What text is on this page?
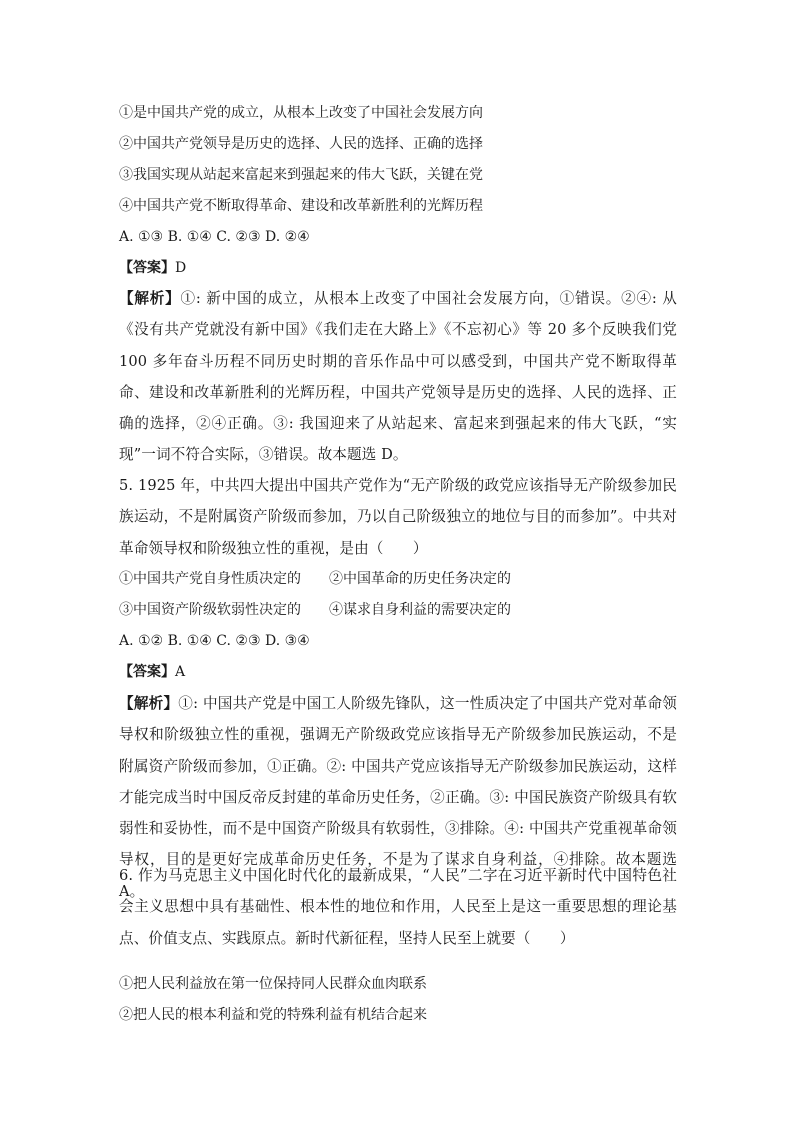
①是中国共产党的成立，从根本上改变了中国社会发展方向
②中国共产党领导是历史的选择、人民的选择、正确的选择
③我国实现从站起来富起来到强起来的伟大飞跃，关键在党
④中国共产党不断取得革命、建设和改革新胜利的光辉历程
A. ①③ B. ①④ C. ②③ D. ②④
【答案】D
【解析】①: 新中国的成立，从根本上改变了中国社会发展方向，①错误。②④: 从《没有共产党就没有新中国》《我们走在大路上》《不忘初心》等 20 多个反映我们党 100 多年奋斗历程不同历史时期的音乐作品中可以感受到，中国共产党不断取得革命、建设和改革新胜利的光辉历程，中国共产党领导是历史的选择、人民的选择、正确的选择，②④正确。③: 我国迎来了从站起来、富起来到强起来的伟大飞跃，“实现”一词不符合实际，③错误。故本题选 D。
5. 1925 年，中共四大提出中国共产党作为“无产阶级的政党应该指导无产阶级参加民族运动，不是附属资产阶级而参加，乃以自己阶级独立的地位与目的而参加”。中共对革命领导权和阶级独立性的重视，是由（　　）
①中国共产党自身性质决定的 ②中国革命的历史任务决定的
③中国资产阶级软弱性决定的 ④谋求自身利益的需要决定的
A. ①② B. ①④ C. ②③ D. ③④
【答案】A
【解析】①: 中国共产党是中国工人阶级先锋队，这一性质决定了中国共产党对革命领导权和阶级独立性的重视，强调无产阶级政党应该指导无产阶级参加民族运动，不是附属资产阶级而参加，①正确。②: 中国共产党应该指导无产阶级参加民族运动，这样才能完成当时中国反帝反封建的革命历史任务，②正确。③: 中国民族资产阶级具有软弱性和妥协性，而不是中国资产阶级具有软弱性，③排除。④: 中国共产党重视革命领导权，目的是更好完成革命历史任务，不是为了谋求自身利益，④排除。故本题选 A。
6. 作为马克思主义中国化时代化的最新成果，“人民”二字在习近平新时代中国特色社会主义思想中具有基础性、根本性的地位和作用，人民至上是这一重要思想的理论基点、价值支点、实践原点。新时代新征程，坚持人民至上就要（　　）
①把人民利益放在第一位保持同人民群众血肉联系
②把人民的根本利益和党的特殊利益有机结合起来
